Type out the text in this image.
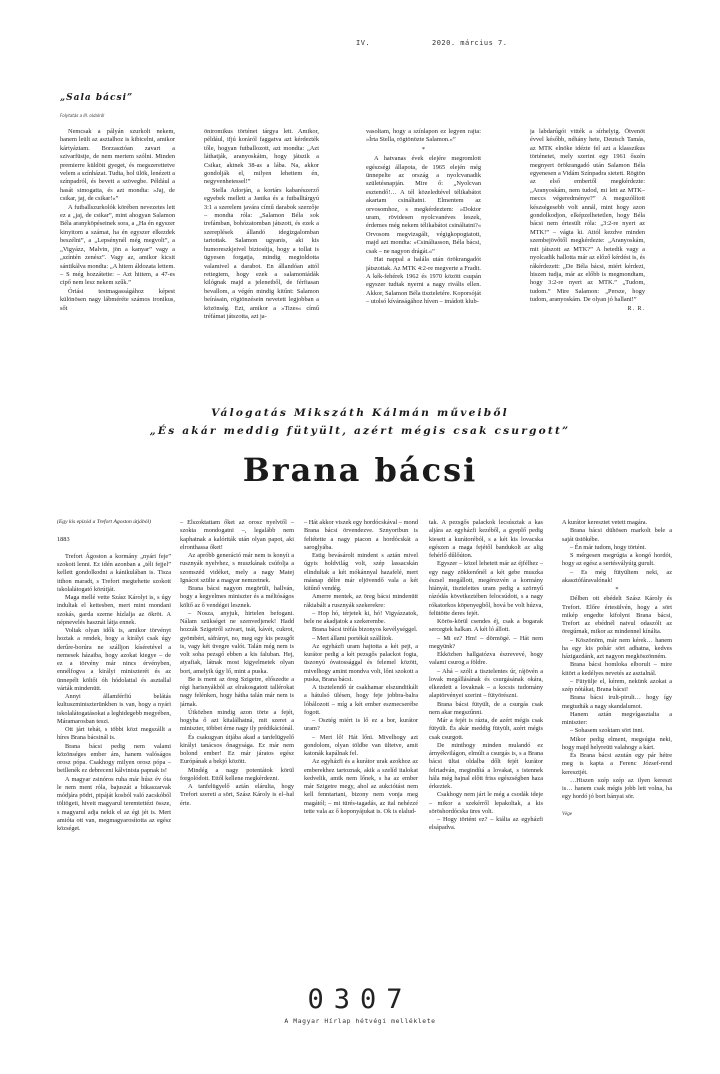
IV.	2020. március 7.
„Sala bácsi”
Folytatás a III. oldalról

Nemcsak a pályán szurkolt nekem, hanem leült az asztalhoz is kibicelni, amikor kártyáztam. Borzasztóan zavart a szivarfüstje, de nem mertem szólni. Minden premierre küldött gyeget, és megszerettetve velem a színházat. Tudta, hol ülök, lenézett a színpadról, és bevett a szövegbe. Például a hasát simogatta, és azt mondta: »Jaj, de csikar, jaj, de csikar!«”

A futballszurkolók körében nevezetes lett ez a „jaj, de csikar”, mint ahogyan Salamon Béla aranyköpéseinek sora, a „Ha én egyszer kinyitom a számat, ha én egyszer elkezdek beszélni”, a „Lepsénynél még megvolt”, a „Vigyázz, Malvin, jön a kanyar” vagy a „színtén zenész”. Vagy az, amikor kicsit sántikálva mondta: „A hitem áldozata lettem. – S még hozzátette: – Azt hittem, a 47-es cipő nem lesz nekem szűk.”

Óriási testmagasságához képest különösen nagy lábméréte számos ironikus, sőt

öniromikus történet tárgya lett. Amikor, például, ifjú koráról faggatva azt kérdezték tőle, hogyan futballozott, azt mondta: „Azt láthatják, aranyoskáim, hogy játszik a Csikar, akinek 38-as a lába. Na, akkor gondolják el, milyen lehettem én, negyvenhetessel!”

Stella Adorján, a kortárs kabarészerző egyebek mellett a Janika és a futballtárgyú 3:1 a szerelem javára című darabok szerzője – mondta róla: „Salamon Béla sok trefámban, bohózatomban játszott, és ezek a szereplések állandó idegizgalomban tartottak. Salamon ugyanis, aki kis humoreszkjeivel biztosítja, hogy a tollat is ügyesen forgatja, mindig megtoldotta valamivel a darabot. En állandóan attól rettegtem, hogy ezek a salamoniádák kilógnak majd a jelenetből, de férfiasan bevallom, a végén mindig kitűnt: Salamon beírásain, rögtönzésein nevetett legjobban a közönség. Ezt, amikor a »Tizes« című tréfámat játszotta, azt ja-

vasoltam, hogy a színlapon ez legyen rajta: »Írta Stella, rögtönözte Salamon.«”

*

A hatvanas évek elejére megromlott egészségi állapota, de 1965 elején még ünnepelte az ország a nyolcvanadik születésnapján. Mire ő: „Nyolcvan esztendő!… A tél közeledtével télikabátot akartam csináltatni. Elmentem az orvosomhoz, s megkérdeztem: »Doktor uram, rövidesen nyolcvanéves leszek, érdemes még nekem télikabátot csináltatni?« Orvosom megvizsgált, végigkopogtatott, majd azt mondta: »Csináltasson, Béla bácsi, csak – ne nagyon drágát.«”

Hat nappal a halála után örökrangadót játszottak. Az MTK 4:2-re megverte a Fradit. A kék-fehérek 1962 és 1970 között csupán egyszer tudtak nyerni a nagy rivális ellen. Akkor, Salamon Béla tiszteletére. Koporsóját – utolsó kívánságához híven – imádott klub-

ja labdarúgói vitték a sírhelyig. Ötvenöt évvel később, néhány hete, Deutsch Tamás, az MTK elnöke idézte fel azt a klasszikus történetet, mely szerint egy 1961 őszén megnyert örökrangadó után Salamon Béla egyenesen a Vidám Színpadra sietett. Rögtön az első embertől megkérdezte: „Aranyoskám, nem tudod, mi lett az MTK–meccs végeredménye?” A megszólított készségesebb volt annál, mint hogy azon gondolkodjon, elképzelhetetlen, hogy Béla bácsi nem értesült róla: „3:2-re nyert az MTK!” – vágta ki. Attól kezdve minden szembejövőtől megkérdezte: „Aranyoskám, mit játszott az MTK?” A hetedik vagy a nyolcadik hallotta már az előző kérdést is, és rákérdezett: „De Béla bácsi, miért kérdezi, hiszen tudja, már az előbb is megmondtam, hogy 3:2-re nyert az MTK.” „Tudom, tudom.” Mire Salamon: „Persze, hogy tudom, aranyoskám. De olyan jó hallani!”

R. R.

Válogatás Mikszáth Kálmán műveiből
„És akár meddig fütyült, azért mégis csak csurgott”
Brana bácsi

(Egy kis epizód a Trefort Ágoston útjából)

1883

Trefort Ágoston a kormány „nyári feje” szokott lenni. Ez idén azonban a „téli fejjel” kellett gondolkodni a kánikulában is. Tisza itthon maradt, s Trefort megtehette szokott iskolalátogató körútját.

Maga mellé vette Szász Károlyt is, s úgy indultak el kettesben, mert mint mondani szokás, garda szeme hízlalja az ökröt. A népnevelés hasznát látja ennek.

Voltak olyan idők is, amikor törvényt hoztak a rendek, hogy a királyi csak úgy derűre-borúra ne szálljon kíséretével a nemesek házaiba, hogy azokat kiegye – de ez a törvény már nincs érvényben, ennélfogva a királyi miniszterét és az ünnepélt költői óh hódolattal és asztallal várták mindenütt.

Annyi államférfiú belátás kultuszminiszterünkben is van, hogy a nyári iskolalátogatásokat a leghidegebb megyében, Máramarosban teszi.

Ott járt tehát, s többi közt megszállt a híres Brana bácsinál is.

Brana bácsi pedig nem valami közönséges ember ám, hanem valóságos orosz pópa. Csakhogy milyen orosz pópa – beillenék ez debreceni kálvinista papnak is!

A magyar zsinóros ruha már húsz év óta le nem ment róla, bajuszát a bikaszarvak módjára pödri, pipáját kosból való zacskóból töltögeti, hiveit magyarul teremtettézi össze, s magyarul adja nekik el az égi jét is. Mert amióta ott van, megmagyarosította az egész községet.

– Elszoktattam őket az orosz nyelvtől – szokta mondogatni –, legalább nem kaphatnak a kalóriták után olyan papot, aki elronthassa őket!

Az apróbb generáció már nem is konyít a rusznyák nyelvhez, s muszkának csúfolja a szomszéd vidéket, mely a nagy Matej Ignácot szülte a magyar nemzetnek.

Brana bácsi nagyon megörült, hallván, hogy a kegyelmes miniszter és a méltóságos költő az ő vendégei lesznek.

– Nosza, anyjuk, hirtelen befogani. Nálam szükséget ne szenvedjenek! Hadd hozzák Szigetről szivart, teát, kávét, cukrot, gyömbért, sáfrányt, no, meg egy kis pezsgőt is, vagy két üvegre valót. Talán még nem is volt soha pezsgő ebben a kis faluban. Hej, atyafiak, látnak most kigyelmetek olyan bort, amelyik úgy lő, mint a puska.

Be is ment az öreg Szigetre, előszedte a régi harisnyákból az elrakosgatott tallérokat nagy felénken, hogy hátha talán már nem is járnak.

Útközben mindig azon törte a fejét, hogyha ő azt kitalálhatná, mit szeret a miniszter, többet érne nagy ily prédikációnál.

És csakugyan útjába akad a tanfelügyelő királyi tanácsos őnagysága. Ez már nem bolond ember! Ez már járatos egész Európának a bekjó között.

Mindég a nagy potentátok körül forgolódott. Ettől kellene megkérdezni.

A tanfelügyelő aztán elárulta, hogy Trefort szereti a sört, Szász Károly is el–hal érte.

– Hát akkor viszek egy hordócskával – mond Brana bácsi örvendezve. Sznyoribun is feltétette a nagy piacon a hordócskát a saroglyába.

Estig bevásárolt mindent s aztán mivel úgyis holdvilág volt, szép lassacskán elindultak a két mókánnyal hazafelé, mert másnap délre már eljövendő vala a két kitűnő vendég.

Amerre mentek, az öreg bácsi mindenütt rákiabált a rusznyák szekerekre:

– Hop hó, térjetek ki, hó! Vigyázzatok, bele ne akadjatok a szekerembe.

Brana bácsi tréfás bizonyos kevélységgel.

– Mert állami portékát szállítok.

Az egyházfi uram hajtotta a két pejt, a kurátor pedig a két pezsgős palackot fogta, üszonyú óvatossággal és felemel között, mivelhogy amint mondva volt, lőni szokott a puska, Brana bácsi.

A tisztelendő úr csakhamar elszunditkált a hátulsó ülésen, hogy feje jobbra-balra lóbálozott – míg a két ember eszmecserébe fogott.

– Osztég miért is lő ez a bor, kurátor uram?

– Mert lő! Hát lőni. Mivelhogy azt gondolom, olyan töldbe van ültetve, amit katonák kapálnak fel.

Az egyházfi és a kurátor urak azokhoz az emberekhez tartoznak, akik a szelíd italokat kedvelik, amik nem lőnek, s ha az ember már Szigetre megy, ahol az aukciótást nem kell fenntartani, bizony nem vonja meg magától; – mi türés-tagadás, az ital nehézzé tette vala az ő koponyájukat is. Ok is elalud-

tak. A pezsgős palackok lecsúsztak a kas aljára az egyházfi kezéből, a gyeplő pedig kiesett a kurátoréból, s a két kis lovacska egészen a maga fejétől bandukolt az alig fehérlő dűlőúton.

Egyszer – közel lehetett már az éjfélhez – egy nagy zökkenőnél a két gebe muszka észsel megállott, megérezvén a kormány hiányát, tisztelettes uram pedig a szörnyű rázódás következtében felocsúdott, s a nagy rókatorkos köpenyegből, hová be volt húzva, felütötte deres fejét.

Körös-körül csendes éj, csak a bogarak sercegtek halkan. A két ló állott.

– Mi ez? Hm! – dörmögé. – Hát nem megyünk?

Ekközben hallgatózva észrevevé, hogy valami csurog a földre.

– Ahá – szólt a tisztelentes úr, rájövén a lovak megállásának és csurgásának okára, elkezdett a lovaknak – a kocsis tudomány alaptörvényei szerint – fütyörészni.

Brana bácsi fütyült, de a csurgás csak nem akar megszűnni.

Már a fejét is rázta, de azért mégis csak fütyült. És akár meddig fütyült, azért mégis csak csurgott.

De minthogy minden mulandó ez árnyékvilágon, elmúlt a csurgás is, s a Brana bácsi ültai oldalba dőlt fejét kurátor felriadván, megindítá a lovakat, s istennek hála még hajnal előtt friss egészségben haza érkeztek.

Csakhogy nem járt le még a csodák ideje – mikor a szekérről lepakoltak, a kis söröshordócska üres volt.

– Hogy történt ez? – kiálta az egyházfi elsápadva.

A kurátor keresztet vetett magára.

Brana bácsi dühösen markolt bele a saját üstökébe.

– Én már tudom, hogy történt.

S mérgesen megrúgta a kongó hordót, hogy az egész a sertésvályúig gurult.

– Es még fütyültem neki, az akasztófáravalónak!

*

Délben ott ebédelt Szász Károly és Trefort. Előre értesülvén, hogy a sört mikép engedte kifolyni Brana bácsi, Trefort az ebédnél naivul odaszólt az öregúrnak, mikor az mindennel kínálta.

– Köszönöm, már nem kérek… hanem ha egy kis pohár sört adhatna, kedves házigazdánk, azt nagyon megköszönném.

Brana bácsi homloka elborult – mire kitört a kedélyes nevetés az asztalnál.

– Fütyülje el, kérem, nekünk azokat a szép nótákat, Brana bácsi!

Brana bácsi irult-pirult… hogy így megtudták a nagy skandalumot.

Hanem aztán megvígasztalta a miniszter:

– Sohasem szoktam sört inni.

Mikor pedig elment, megsúgta neki, hogy majd helyreüti valahogy a kárt.

És Brana bácsi azután egy pár hétre meg is kapta a Ferenc József-rend keresztjét.

…Hiszen szép szép az ilyen kereszt is… hanem csak mégis jobb lett volna, ha egy hordó jó bort bányai sör.

Vége

0307
A Magyar Hírlap hétvégi melléklete
